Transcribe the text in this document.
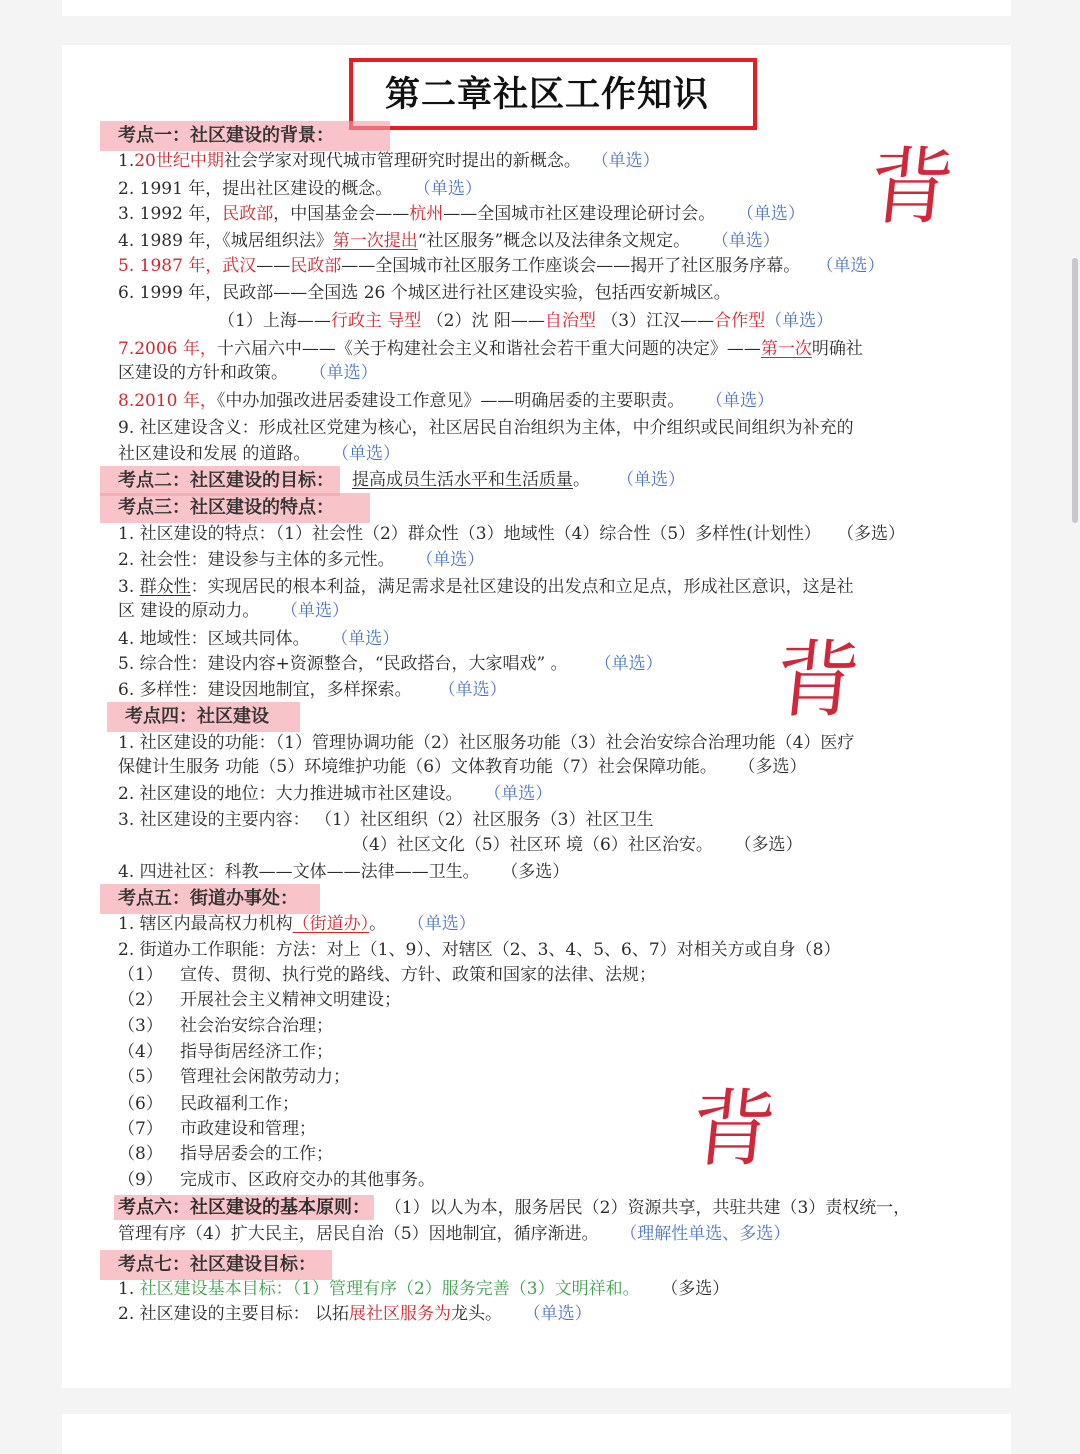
第二章社区工作知识
背
背
背
考点一：社区建设的背景：
1.20世纪中期社会学家对现代城市管理研究时提出的新概念。 （单选）
2. 1991 年，提出社区建设的概念。 （单选）
3. 1992 年，民政部，中国基金会——杭州——全国城市社区建设理论研讨会。 （单选）
4. 1989 年，《城居组织法》第一次提出“社区服务”概念以及法律条文规定。 （单选）
5. 1987 年，武汉——民政部——全国城市社区服务工作座谈会——揭开了社区服务序幕。 （单选）
6. 1999 年，民政部——全国选 26 个城区进行社区建设实验，包括西安新城区。
（1）上海——行政主 导型 （2）沈 阳——自治型 （3）江汉——合作型（单选）
7.2006 年，十六届六中——《关于构建社会主义和谐社会若干重大问题的决定》——第一次明确社
区建设的方针和政策。 （单选）
8.2010 年，《中办加强改进居委建设工作意见》——明确居委的主要职责。 （单选）
9. 社区建设含义：形成社区党建为核心，社区居民自治组织为主体，中介组织或民间组织为补充的
社区建设和发展 的道路。 （单选）
考点二：社区建设的目标：	提高成员生活水平和生活质量。 （单选）
考点三：社区建设的特点：
1. 社区建设的特点：（1）社会性（2）群众性（3）地域性（4）综合性（5）多样性(计划性） （多选）
2. 社会性：建设参与主体的多元性。 （单选）
3. 群众性：实现居民的根本利益，满足需求是社区建设的出发点和立足点，形成社区意识，这是社
区 建设的原动力。 （单选）
4. 地域性：区域共同体。 （单选）
5. 综合性：建设内容+资源整合，“民政搭台，大家唱戏” 。 （单选）
6. 多样性：建设因地制宜，多样探索。 （单选）
考点四：社区建设
1. 社区建设的功能：（1）管理协调功能（2）社区服务功能（3）社会治安综合治理功能（4）医疗
保健计生服务 功能（5）环境维护功能（6）文体教育功能（7）社会保障功能。 （多选）
2. 社区建设的地位：大力推进城市社区建设。 （单选）
3. 社区建设的主要内容： （1）社区组织（2）社区服务（3）社区卫生
（4）社区文化（5）社区环 境（6）社区治安。 （多选）
4. 四进社区：科教——文体——法律——卫生。 （多选）
考点五：街道办事处：
1. 辖区内最高权力机构（街道办）。 （单选）
2. 街道办工作职能：方法：对上（1、9）、对辖区（2、3、4、5、6、7）对相关方或自身（8）
（1） 宣传、贯彻、执行党的路线、方针、政策和国家的法律、法规；
（2） 开展社会主义精神文明建设；
（3） 社会治安综合治理；
（4） 指导街居经济工作；
（5） 管理社会闲散劳动力；
（6） 民政福利工作；
（7） 市政建设和管理；
（8） 指导居委会的工作；
（9） 完成市、区政府交办的其他事务。
考点六：社区建设的基本原则： （1）以人为本，服务居民（2）资源共享，共驻共建（3）责权统一，
管理有序（4）扩大民主，居民自治（5）因地制宜，循序渐进。 （理解性单选、多选）
考点七：社区建设目标：
1. 社区建设基本目标：（1）管理有序（2）服务完善（3）文明祥和。 （多选）
2. 社区建设的主要目标： 以拓展社区服务为龙头。 （单选）
